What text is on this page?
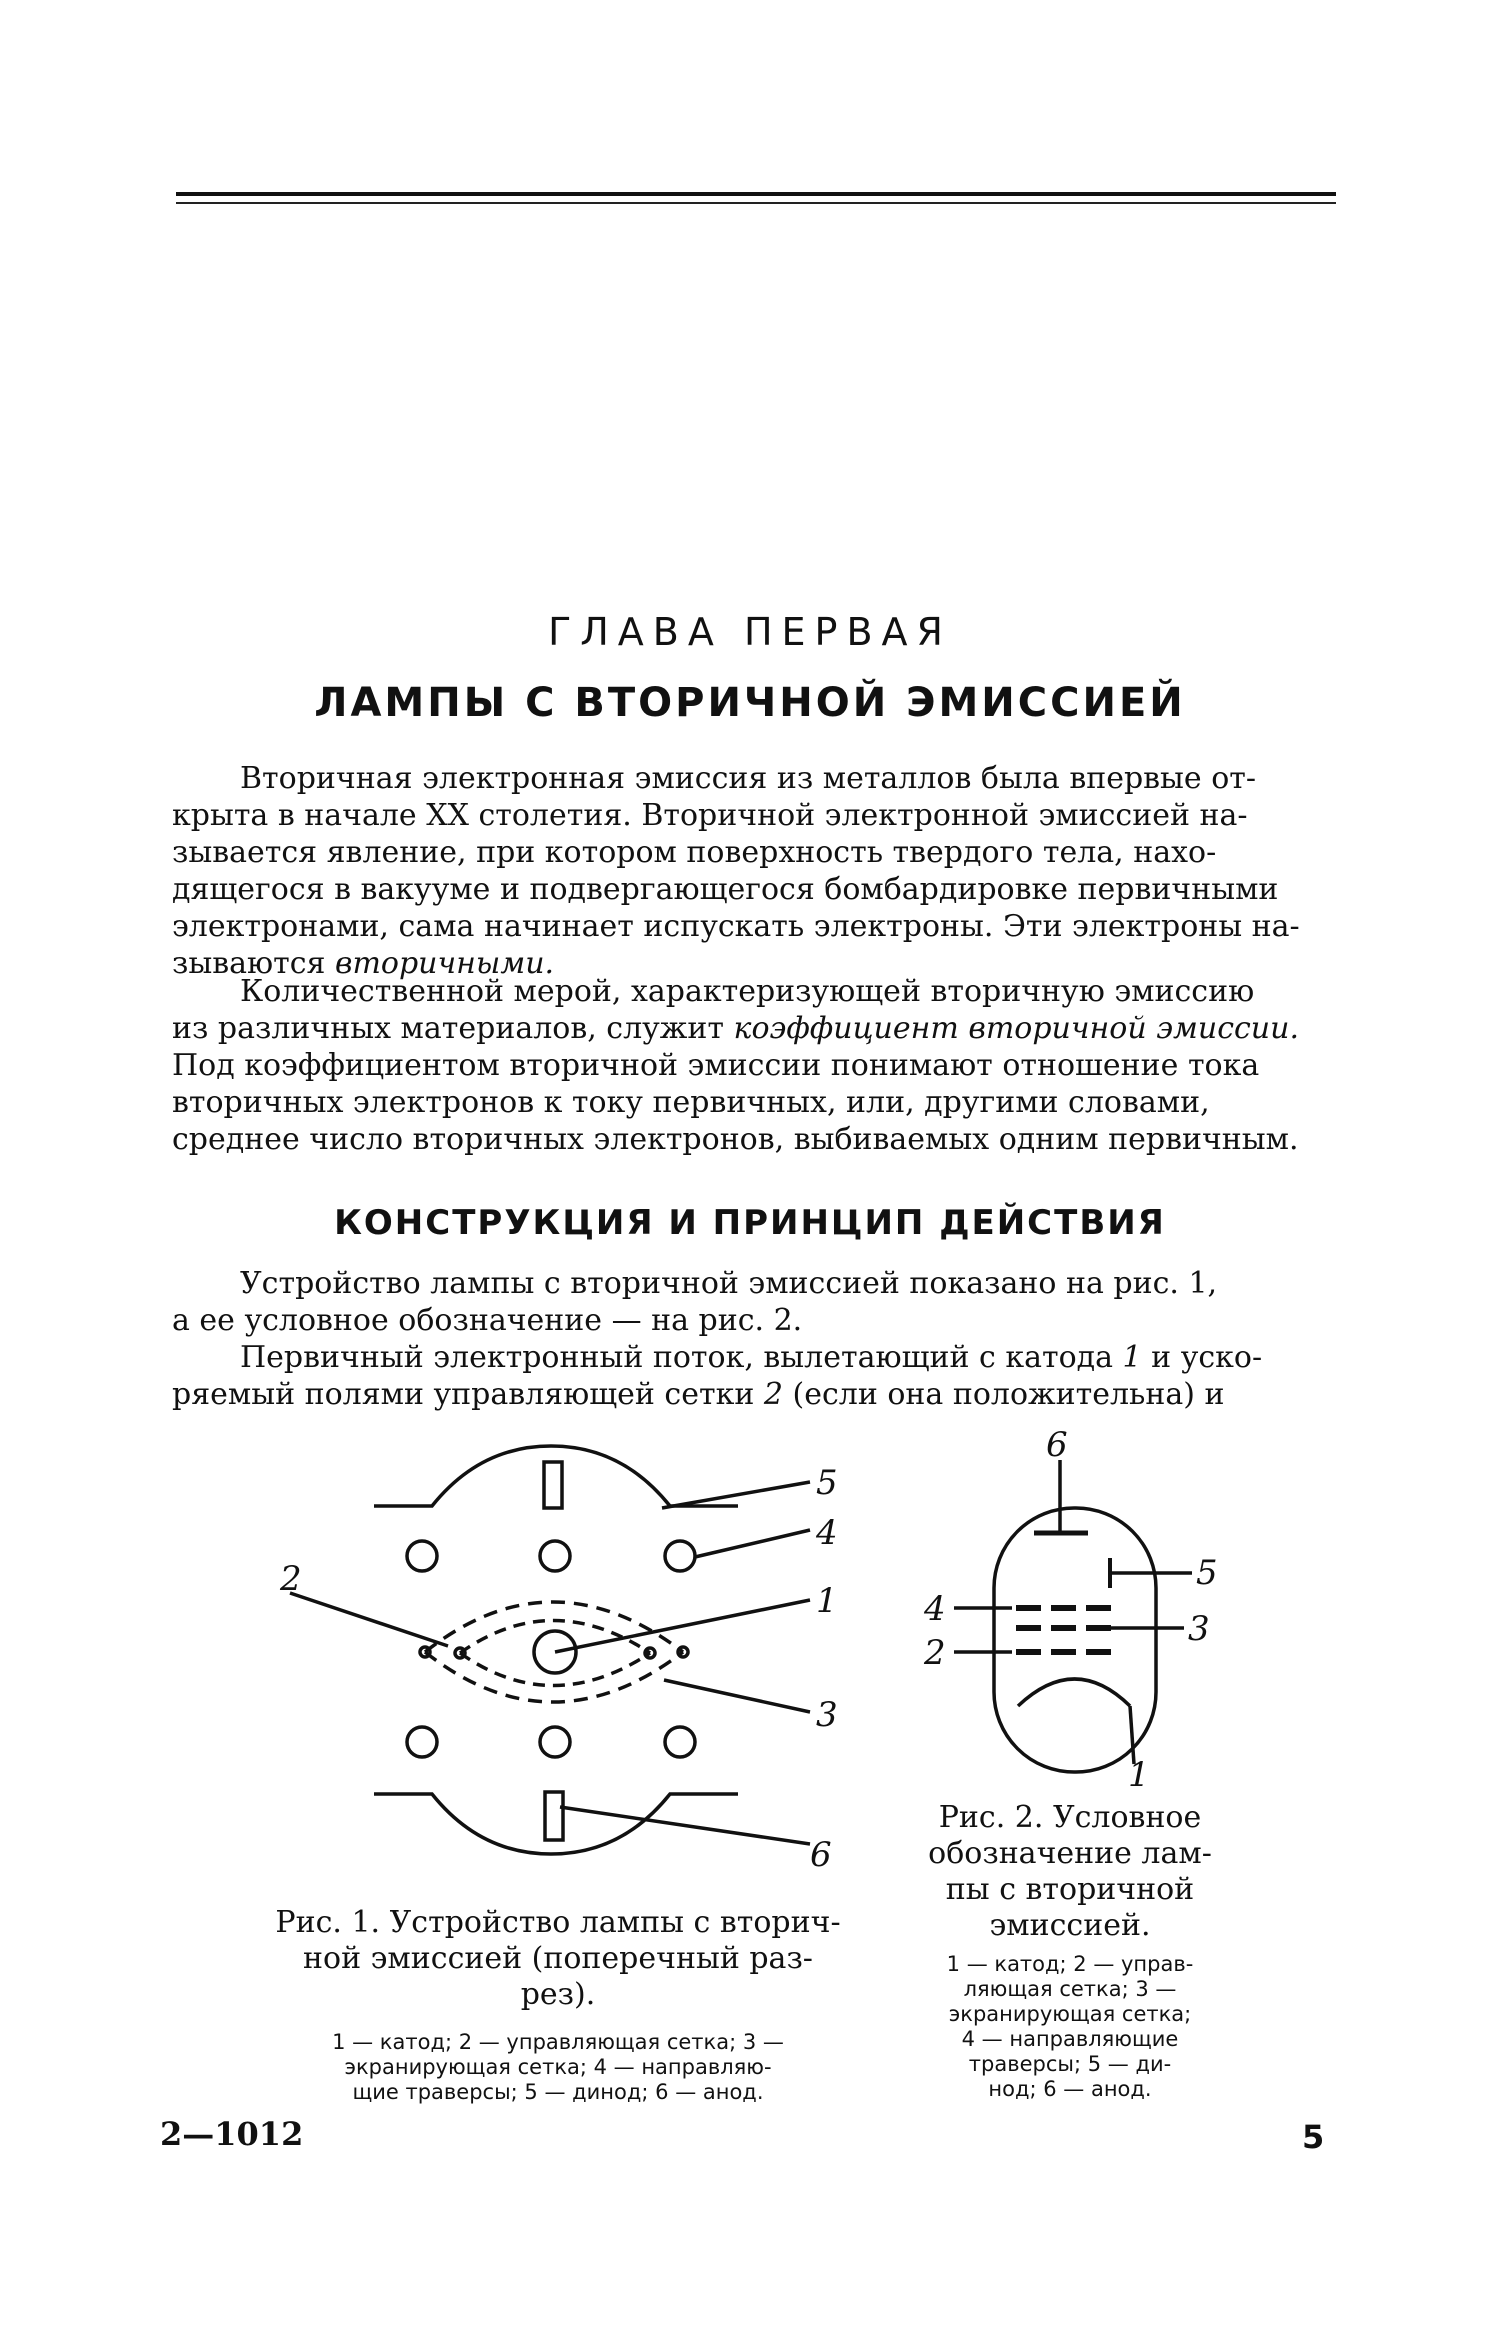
ГЛАВА ПЕРВАЯ
ЛАМПЫ С ВТОРИЧНОЙ ЭМИССИЕЙ

Вторичная электронная эмиссия из металлов была впервые от-
крыта в начале XX столетия. Вторичной электронной эмиссией на-
зывается явление, при котором поверхность твердого тела, нахо-
дящегося в вакууме и подвергающегося бомбардировке первичными
электронами, сама начинает испускать электроны. Эти электроны на-
зываются вторичными.

Количественной мерой, характеризующей вторичную эмиссию
из различных материалов, служит коэффициент вторичной эмиссии.
Под коэффициентом вторичной эмиссии понимают отношение тока
вторичных электронов к току первичных, или, другими словами,
среднее число вторичных электронов, выбиваемых одним первичным.

КОНСТРУКЦИЯ И ПРИНЦИП ДЕЙСТВИЯ

Устройство лампы с вторичной эмиссией показано на рис. 1,
а ее условное обозначение — на рис. 2.

Первичный электронный поток, вылетающий с катода 1 и уско-
ряемый полями управляющей сетки 2 (если она положительна) и

5
4
2
1
3
6
6
5
4	3
2
1
Рис. 1. Устройство лампы с вторич-
ной эмиссией (поперечный раз-
рез).
1 — катод; 2 — управляющая сетка; 3 —
экранирующая сетка; 4 — направляю-
щие траверсы; 5 — динод; 6 — анод.
Рис. 2. Условное
обозначение лам-
пы с вторичной
эмиссией.
1 — катод; 2 — управ-
ляющая сетка; 3 —
экранирующая сетка;
4 — направляющие
траверсы; 5 — ди-
нод; 6 — анод.
2—1012	5
